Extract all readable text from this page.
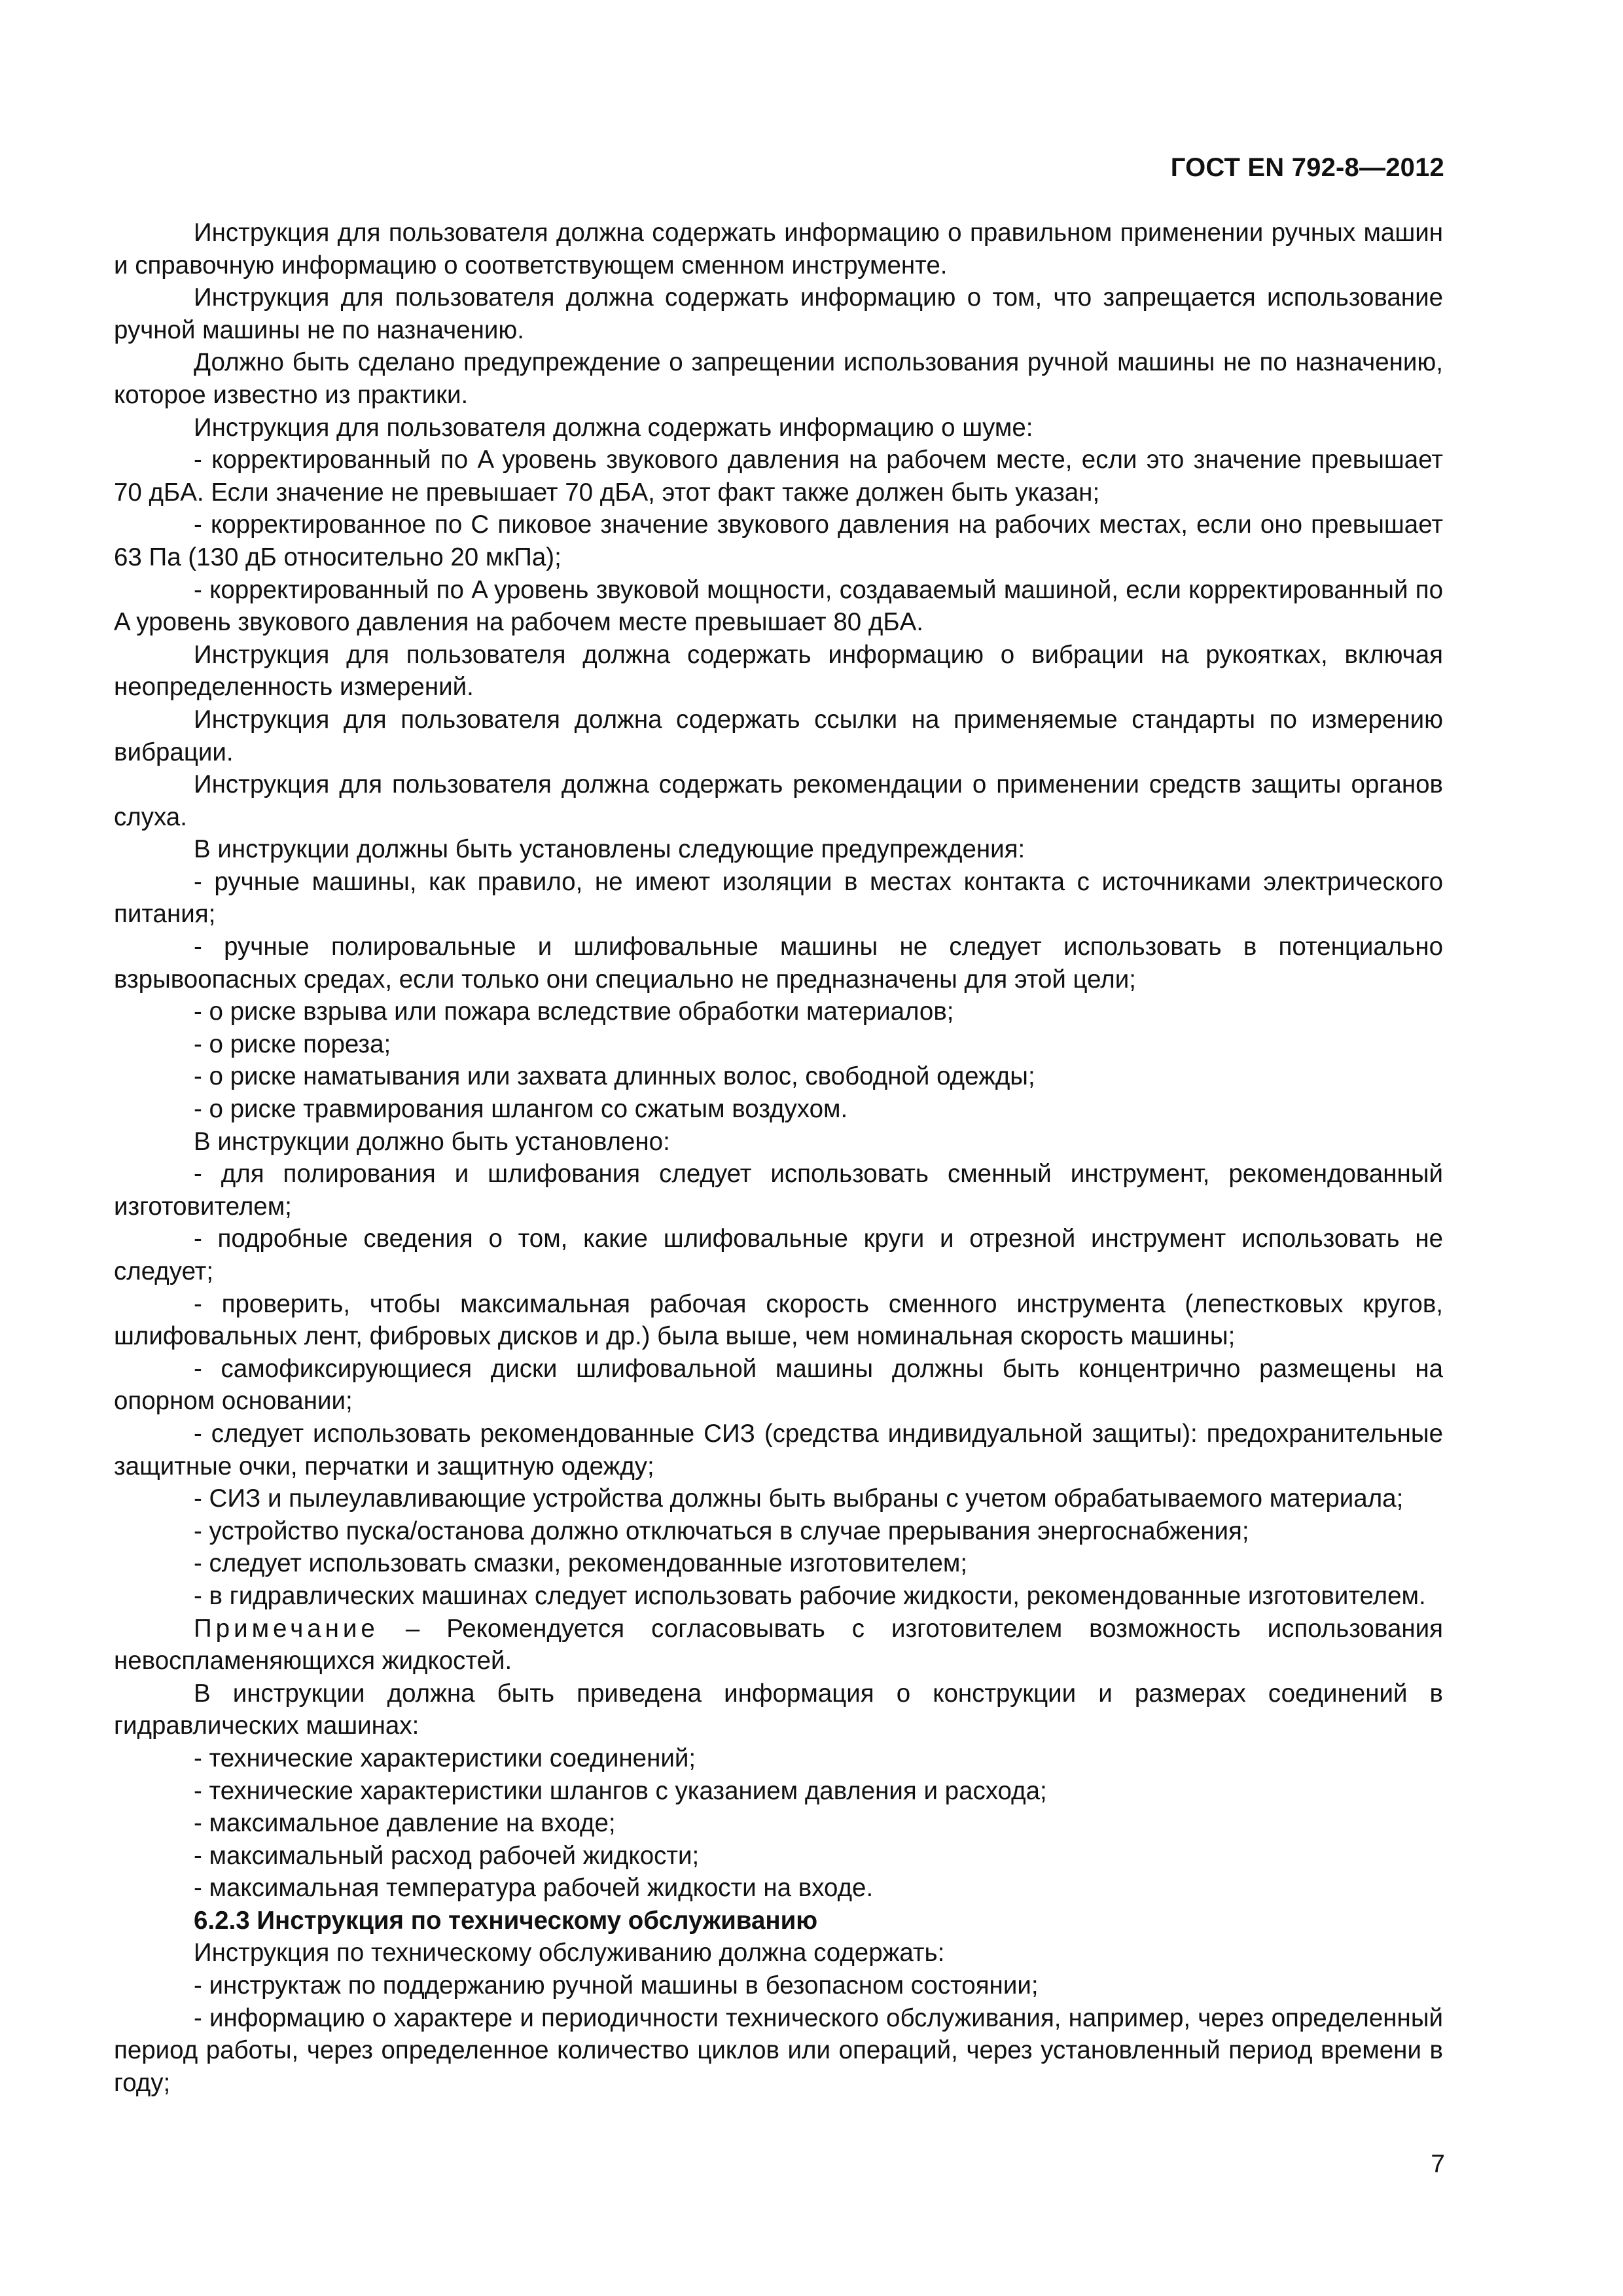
ГОСТ EN 792-8—2012

Инструкция для пользователя должна содержать информацию о правильном применении ручных машин и справочную информацию о соответствующем сменном инструменте.

Инструкция для пользователя должна содержать информацию о том, что запрещается использование ручной машины не по назначению.

Должно быть сделано предупреждение о запрещении использования ручной машины не по назначению, которое известно из практики.

Инструкция для пользователя должна содержать информацию о шуме:

- корректированный по A уровень звукового давления на рабочем месте, если это значение превышает 70 дБA. Если значение не превышает 70 дБA, этот факт также должен быть указан;

- корректированное по C пиковое значение звукового давления на рабочих местах, если оно превышает 63 Па (130 дБ относительно 20 мкПа);

- корректированный по A уровень звуковой мощности, создаваемый машиной, если корректированный по A уровень звукового давления на рабочем месте превышает 80 дБA.

Инструкция для пользователя должна содержать информацию о вибрации на рукоятках, включая неопределенность измерений.

Инструкция для пользователя должна содержать ссылки на применяемые стандарты по измерению вибрации.

Инструкция для пользователя должна содержать рекомендации о применении средств защиты органов слуха.

В инструкции должны быть установлены следующие предупреждения:

- ручные машины, как правило, не имеют изоляции в местах контакта с источниками электрического питания;

- ручные полировальные и шлифовальные машины не следует использовать в потенциально взрывоопасных средах, если только они специально не предназначены для этой цели;

- о риске взрыва или пожара вследствие обработки материалов;

- о риске пореза;

- о риске наматывания или захвата длинных волос, свободной одежды;

- о риске травмирования шлангом со сжатым воздухом.

В инструкции должно быть установлено:

- для полирования и шлифования следует использовать сменный инструмент, рекомендованный изготовителем;

- подробные сведения о том, какие шлифовальные круги и отрезной инструмент использовать не следует;

- проверить, чтобы максимальная рабочая скорость сменного инструмента (лепестковых кругов, шлифовальных лент, фибровых дисков и др.) была выше, чем номинальная скорость машины;

- самофиксирующиеся диски шлифовальной машины должны быть концентрично размещены на опорном основании;

- следует использовать рекомендованные СИЗ (средства индивидуальной защиты): предохранительные защитные очки, перчатки и защитную одежду;

- СИЗ и пылеулавливающие устройства должны быть выбраны с учетом обрабатываемого материала;

- устройство пуска/останова должно отключаться в случае прерывания энергоснабжения;

- следует использовать смазки, рекомендованные изготовителем;

- в гидравлических машинах следует использовать рабочие жидкости, рекомендованные изготовителем.

Примечание – Рекомендуется согласовывать с изготовителем возможность использования невоспламеняющихся жидкостей.

В инструкции должна быть приведена информация о конструкции и размерах соединений в гидравлических машинах:

- технические характеристики соединений;

- технические характеристики шлангов с указанием давления и расхода;

- максимальное давление на входе;

- максимальный расход рабочей жидкости;

- максимальная температура рабочей жидкости на входе.

6.2.3 Инструкция по техническому обслуживанию

Инструкция по техническому обслуживанию должна содержать:

- инструктаж по поддержанию ручной машины в безопасном состоянии;

- информацию о характере и периодичности технического обслуживания, например, через определенный период работы, через определенное количество циклов или операций, через установленный период времени в году;

7
